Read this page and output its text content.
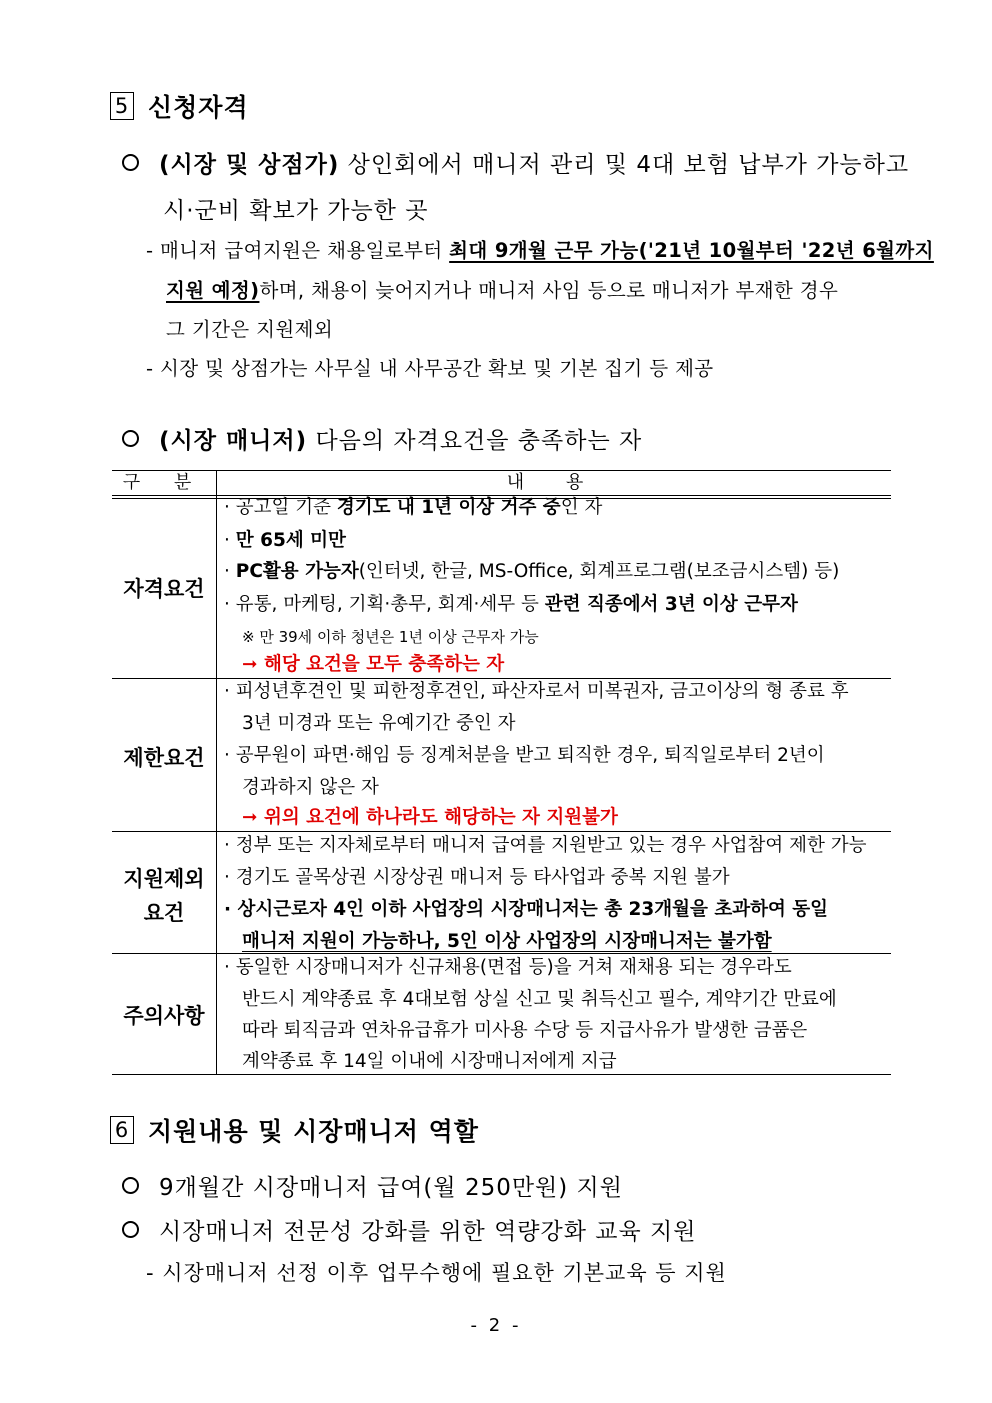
5 신청자격
(시장 및 상점가) 상인회에서 매니저 관리 및 4대 보험 납부가 가능하고
시·군비 확보가 가능한 곳
- 매니저 급여지원은 채용일로부터 최대 9개월 근무 가능('21년 10월부터 '22년 6월까지
지원 예정)하며, 채용이 늦어지거나 매니저 사임 등으로 매니저가 부재한 경우
그 기간은 지원제외
- 시장 및 상점가는 사무실 내 사무공간 확보 및 기본 집기 등 제공
(시장 매니저) 다음의 자격요건을 충족하는 자
구 분	내 용
자격요건
· 공고일 기준 경기도 내 1년 이상 거주 중인 자
· 만 65세 미만
· PC활용 가능자(인터넷, 한글, MS-Office, 회계프로그램(보조금시스템) 등)
· 유통, 마케팅, 기획·총무, 회계·세무 등 관련 직종에서 3년 이상 근무자
※ 만 39세 이하 청년은 1년 이상 근무자 가능
➞ 해당 요건을 모두 충족하는 자
제한요건
· 피성년후견인 및 피한정후견인, 파산자로서 미복권자, 금고이상의 형 종료 후
3년 미경과 또는 유예기간 중인 자
· 공무원이 파면·해임 등 징계처분을 받고 퇴직한 경우, 퇴직일로부터 2년이
경과하지 않은 자
➞ 위의 요건에 하나라도 해당하는 자 지원불가
지원제외
요건
· 정부 또는 지자체로부터 매니저 급여를 지원받고 있는 경우 사업참여 제한 가능
· 경기도 골목상권 시장상권 매니저 등 타사업과 중복 지원 불가
· 상시근로자 4인 이하 사업장의 시장매니저는 총 23개월을 초과하여 동일
매니저 지원이 가능하나, 5인 이상 사업장의 시장매니저는 불가함
주의사항
· 동일한 시장매니저가 신규채용(면접 등)을 거쳐 재채용 되는 경우라도
반드시 계약종료 후 4대보험 상실 신고 및 취득신고 필수, 계약기간 만료에
따라 퇴직금과 연차유급휴가 미사용 수당 등 지급사유가 발생한 금품은
계약종료 후 14일 이내에 시장매니저에게 지급
6 지원내용 및 시장매니저 역할
9개월간 시장매니저 급여(월 250만원) 지원
시장매니저 전문성 강화를 위한 역량강화 교육 지원
- 시장매니저 선정 이후 업무수행에 필요한 기본교육 등 지원
- 2 -
